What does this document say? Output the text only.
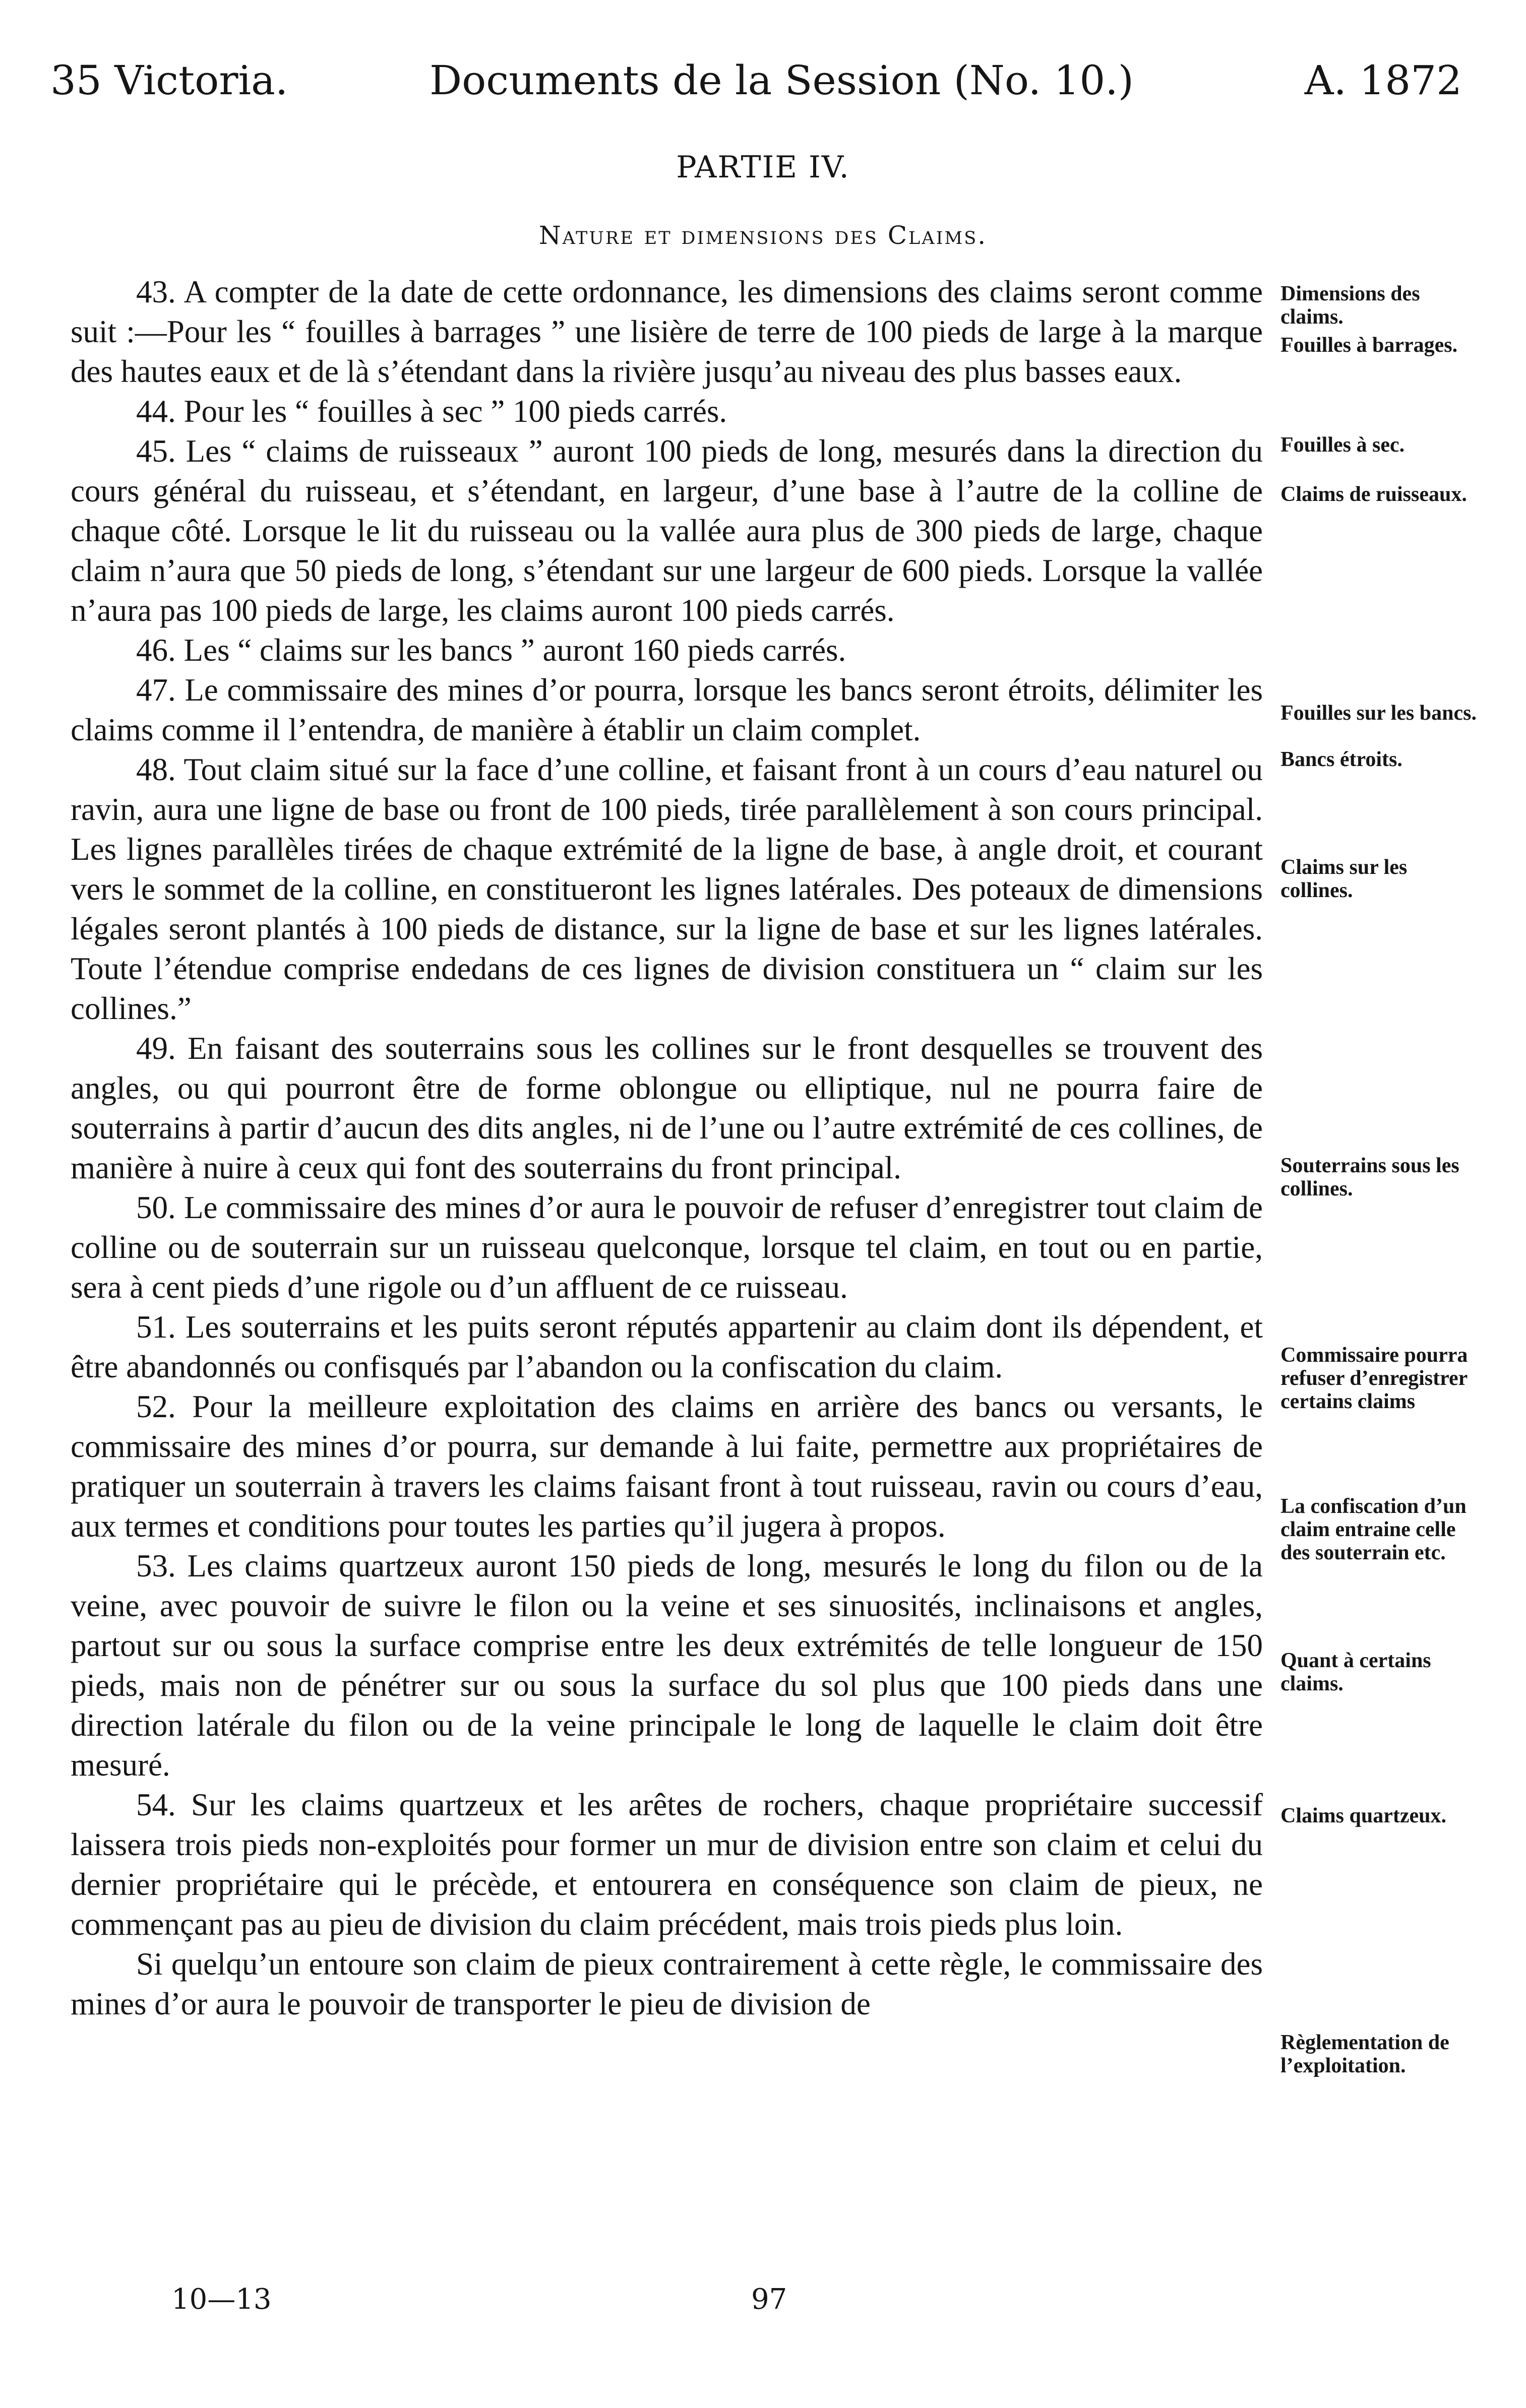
35 Victoria.	Documents de la Session (No. 10.)	A. 1872
PARTIE IV.
Nature et dimensions des Claims.

43. A compter de la date de cette ordonnance, les dimensions des claims seront comme suit :—Pour les “ fouilles à barrages ” une lisière de terre de 100 pieds de large à la marque des hautes eaux et de là s’étendant dans la rivière jusqu’au niveau des plus basses eaux.

44. Pour les “ fouilles à sec ” 100 pieds carrés.

45. Les “ claims de ruisseaux ” auront 100 pieds de long, mesurés dans la direction du cours général du ruisseau, et s’étendant, en largeur, d’une base à l’autre de la colline de chaque côté. Lorsque le lit du ruisseau ou la vallée aura plus de 300 pieds de large, chaque claim n’aura que 50 pieds de long, s’étendant sur une largeur de 600 pieds. Lorsque la vallée n’aura pas 100 pieds de large, les claims auront 100 pieds carrés.

46. Les “ claims sur les bancs ” auront 160 pieds carrés.

47. Le commissaire des mines d’or pourra, lorsque les bancs seront étroits, délimiter les claims comme il l’entendra, de manière à établir un claim complet.

48. Tout claim situé sur la face d’une colline, et faisant front à un cours d’eau naturel ou ravin, aura une ligne de base ou front de 100 pieds, tirée parallèlement à son cours principal. Les lignes parallèles tirées de chaque extrémité de la ligne de base, à angle droit, et courant vers le sommet de la colline, en constitueront les lignes latérales. Des poteaux de dimensions légales seront plantés à 100 pieds de distance, sur la ligne de base et sur les lignes latérales. Toute l’étendue comprise endedans de ces lignes de division constituera un “ claim sur les collines.”

49. En faisant des souterrains sous les collines sur le front desquelles se trouvent des angles, ou qui pourront être de forme oblongue ou elliptique, nul ne pourra faire de souterrains à partir d’aucun des dits angles, ni de l’une ou l’autre extrémité de ces collines, de manière à nuire à ceux qui font des souterrains du front principal.

50. Le commissaire des mines d’or aura le pouvoir de refuser d’enregistrer tout claim de colline ou de souterrain sur un ruisseau quelconque, lorsque tel claim, en tout ou en partie, sera à cent pieds d’une rigole ou d’un affluent de ce ruisseau.

51. Les souterrains et les puits seront réputés appartenir au claim dont ils dépendent, et être abandonnés ou confisqués par l’abandon ou la confiscation du claim.

52. Pour la meilleure exploitation des claims en arrière des bancs ou versants, le commissaire des mines d’or pourra, sur demande à lui faite, permettre aux propriétaires de pratiquer un souterrain à travers les claims faisant front à tout ruisseau, ravin ou cours d’eau, aux termes et conditions pour toutes les parties qu’il jugera à propos.

53. Les claims quartzeux auront 150 pieds de long, mesurés le long du filon ou de la veine, avec pouvoir de suivre le filon ou la veine et ses sinuosités, inclinaisons et angles, partout sur ou sous la surface comprise entre les deux extrémités de telle longueur de 150 pieds, mais non de pénétrer sur ou sous la surface du sol plus que 100 pieds dans une direction latérale du filon ou de la veine principale le long de laquelle le claim doit être mesuré.

54. Sur les claims quartzeux et les arêtes de rochers, chaque propriétaire successif laissera trois pieds non-exploités pour former un mur de division entre son claim et celui du dernier propriétaire qui le précède, et entourera en conséquence son claim de pieux, ne commençant pas au pieu de division du claim précédent, mais trois pieds plus loin.

Si quelqu’un entoure son claim de pieux contrairement à cette règle, le commissaire des mines d’or aura le pouvoir de transporter le pieu de division de

Dimensions des claims.
Fouilles à barrages.
Fouilles à sec.
Claims de ruisseaux.
Fouilles sur les bancs.
Bancs étroits.
Claims sur les collines.
Souterrains sous les collines.
Commissaire pourra refuser d’enregistrer certains claims
La confiscation d’un claim entraine celle des souterrain etc.
Quant à certains claims.
Claims quartzeux.
Règlementation de l’exploitation.
10—13	97
